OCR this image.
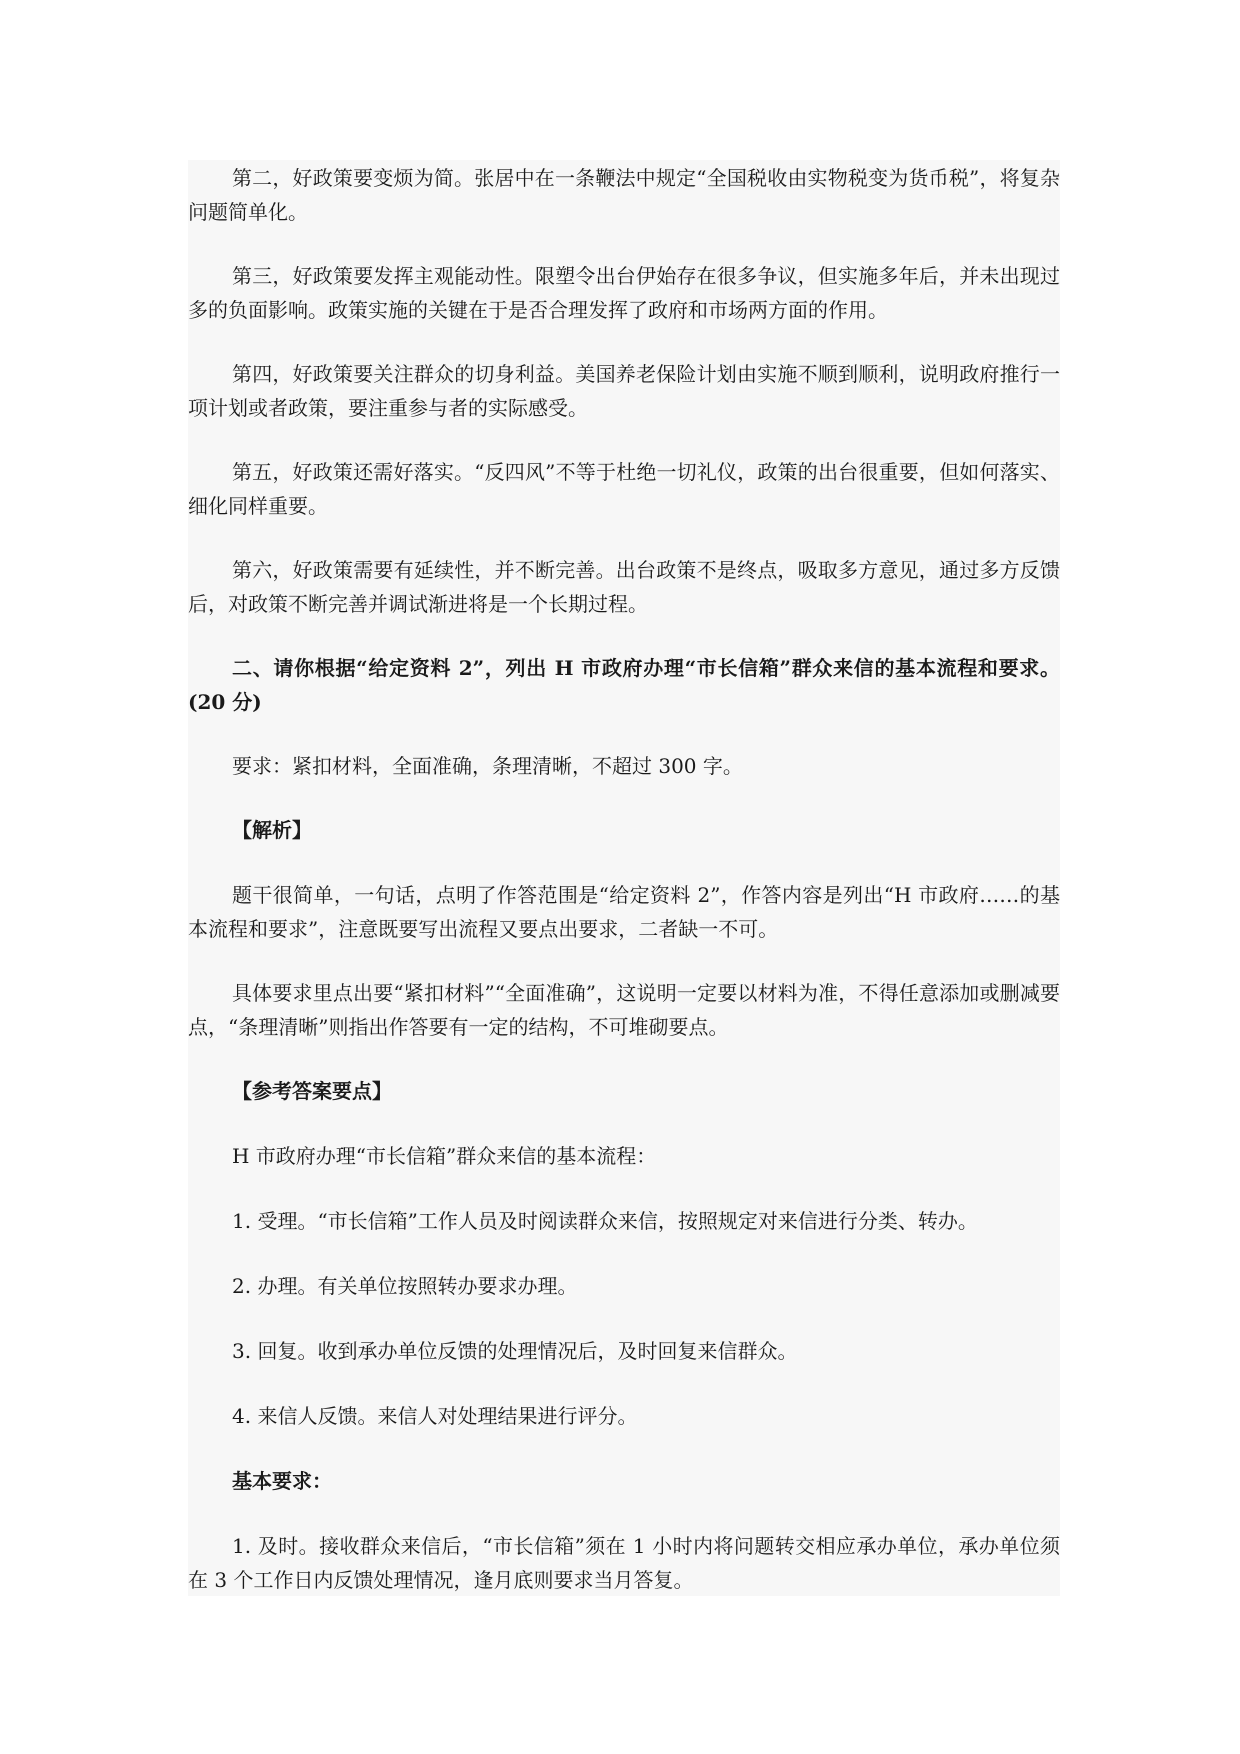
第二，好政策要变烦为简。张居中在一条鞭法中规定“全国税收由实物税变为货币税”，将复杂问题简单化。

第三，好政策要发挥主观能动性。限塑令出台伊始存在很多争议，但实施多年后，并未出现过多的负面影响。政策实施的关键在于是否合理发挥了政府和市场两方面的作用。

第四，好政策要关注群众的切身利益。美国养老保险计划由实施不顺到顺利，说明政府推行一项计划或者政策，要注重参与者的实际感受。

第五，好政策还需好落实。“反四风”不等于杜绝一切礼仪，政策的出台很重要，但如何落实、细化同样重要。

第六，好政策需要有延续性，并不断完善。出台政策不是终点，吸取多方意见，通过多方反馈后，对政策不断完善并调试渐进将是一个长期过程。

二、请你根据“给定资料 2”，列出 H 市政府办理“市长信箱”群众来信的基本流程和要求。(20 分)

要求：紧扣材料，全面准确，条理清晰，不超过 300 字。

【解析】

题干很简单，一句话，点明了作答范围是“给定资料 2”，作答内容是列出“H 市政府……的基本流程和要求”，注意既要写出流程又要点出要求，二者缺一不可。

具体要求里点出要“紧扣材料”“全面准确”，这说明一定要以材料为准，不得任意添加或删减要点，“条理清晰”则指出作答要有一定的结构，不可堆砌要点。

【参考答案要点】

H 市政府办理“市长信箱”群众来信的基本流程：

1. 受理。“市长信箱”工作人员及时阅读群众来信，按照规定对来信进行分类、转办。

2. 办理。有关单位按照转办要求办理。

3. 回复。收到承办单位反馈的处理情况后，及时回复来信群众。

4. 来信人反馈。来信人对处理结果进行评分。

基本要求：

1. 及时。接收群众来信后，“市长信箱”须在 1 小时内将问题转交相应承办单位，承办单位须在 3 个工作日内反馈处理情况，逢月底则要求当月答复。
